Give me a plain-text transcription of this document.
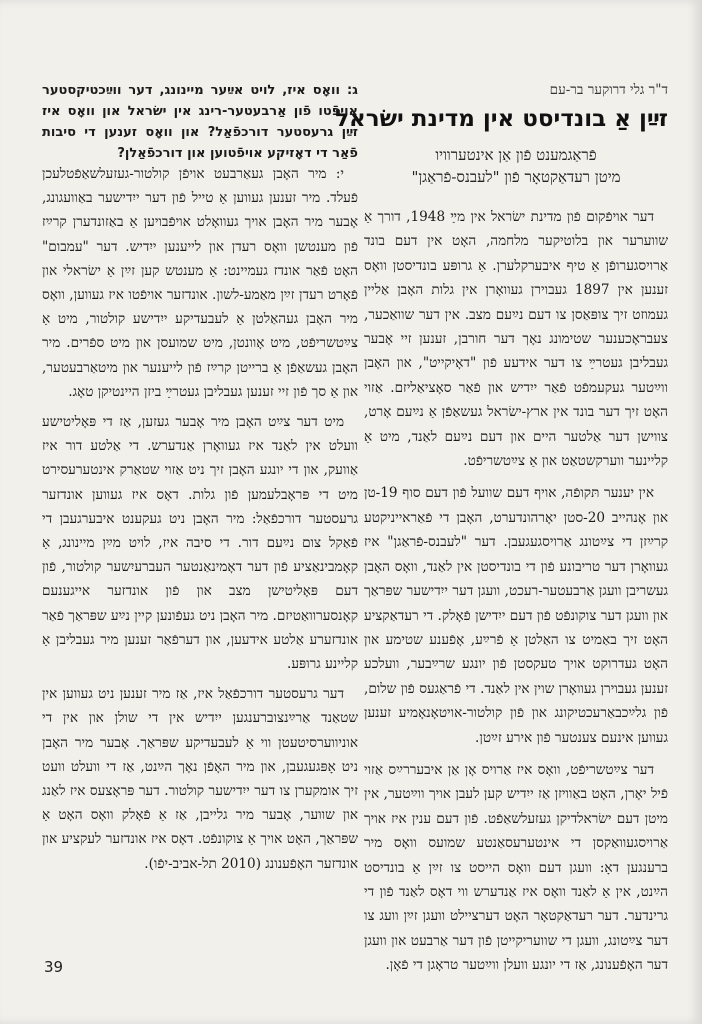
ד"ר גלי דרוקער בר-עם
זײַן אַ בונדיסט אין מדינת ישׂראל
פֿראַגמענט פֿון אַן אינטערוויו
מיטן רעדאַקטאָר פֿון "לעבנס-פֿראַגן"

דער אויפֿקום פֿון מדינת ישׂראל אין מײַ 1948, דורך אַ שווערער און בלוטיקער מלחמה, האָט אין דעם בונד אַרויסגערופֿן אַ טיף איבערקלערן. אַ גרופּע בונדיסטן וואָס זענען אין 1897 געבוירן געוואָרן אין גלות האָבן אַליין געמוזט זיך צופּאַסן צו דעם נײַעם מצב. אין דער שוואַכער, צעבראָכענער שטימונג נאָך דער חורבן, זענען זיי אָבער געבליבן געטרײַ צו דער אידעע פֿון "דאָיקייט", און האָבן ווײַטער געקעמפֿט פֿאַר ייִדיש און פֿאַר סאָציאַליזם. אַזוי האָט זיך דער בונד אין ארץ-ישׂראל געשאַפֿן אַ נײַעם אָרט, צווישן דער אַלטער היים און דעם נײַעם לאַנד, מיט אַ קליינער ווערקשטאַט און אַ צײַטשריפֿט.

אין יענער תּקופֿה, אויף דעם שוועל פֿון דעם סוף 19-טן און אָנהייב 20-סטן יאָרהונדערט, האָבן די פֿאַראייניקטע קרײַזן די צײַטונג אַרויסגעגעבן. דער "לעבנס-פֿראַגן" איז געוואָרן דער טריבונע פֿון די בונדיסטן אין לאַנד, וואָס האָבן געשריבן וועגן אַרבעטער-רעכט, וועגן דער ייִדישער שפּראַך און וועגן דער צוקונפֿט פֿון דעם ייִדישן פֿאָלק. די רעדאַקציע האָט זיך באַמיט צו האַלטן אַ פֿרײַע, אָפֿענע שטימע און האָט געדרוקט אויך טעקסטן פֿון יונגע שרײַבער, וועלכע זענען געבוירן געוואָרן שוין אין לאַנד. די פֿראַגעס פֿון שלום, פֿון גלײַכבאַרעכטיקונג און פֿון קולטור-אויטאָנאָמיע זענען געווען אינעם צענטער פֿון אירע זײַטן.

דער צײַטשריפֿט, וואָס איז אַרויס אָן אַן איבעררײַס אַזוי פֿיל יאָרן, האָט באַוויזן אַז ייִדיש קען לעבן אויך ווײַטער, אין מיטן דעם ישׂראלדיקן געזעלשאַפֿט. פֿון דעם ענין איז אויך אַרויסגעוואַקסן די אינטערעסאַנטע שמועס וואָס מיר ברענגען דאָ: וועגן דעם וואָס הייסט צו זײַן אַ בונדיסט הײַנט, אין אַ לאַנד וואָס איז אַנדערש ווי דאָס לאַנד פֿון די גרינדער. דער רעדאַקטאָר האָט דערציילט וועגן זײַן וועג צו דער צײַטונג, וועגן די שוועריקייטן פֿון דער אַרבעט און וועגן דער האָפֿענונג, אַז די יונגע וועלן ווײַטער טראָגן די פֿאָן.

ג: וואָס איז, לויט אײַער מיינונג, דער ווײַכטיקסטער אויפֿטו פֿון אַרבעטער-רינג אין ישׂראל און וואָס איז זײַן גרעסטער דורכפֿאַל? און וואָס זענען די סיבות פֿאַר די דאָזיקע אויפֿטוען און דורכפֿאַלן?

י: מיר האָבן געאַרבעט אויפֿן קולטור-געזעלשאַפֿטלעכן פֿעלד. מיר זענען געווען אַ טייל פֿון דער ייִדישער באַוועגונג, אָבער מיר האָבן אויך געוואָלט אויפֿבויען אַ באַזונדערן קרײַז פֿון מענטשן וואָס רעדן און לייענען ייִדיש. דער "עמבום" האָט פֿאַר אונדז געמיינט: אַ מענטש קען זײַן אַ ישׂראלי און פֿאָרט רעדן זײַן מאַמע-לשון. אונדזער אויפֿטו איז געווען, וואָס מיר האָבן געהאַלטן אַ לעבעדיקע ייִדישע קולטור, מיט אַ צײַטשריפֿט, מיט אָוונטן, מיט שמועסן און מיט ספֿרים. מיר האָבן געשאַפֿן אַ ברייטן קרײַז פֿון לייענער און מיטאַרבעטער, און אַ סך פֿון זיי זענען געבליבן געטרײַ ביזן היינטיקן טאָג.

מיט דער צײַט האָבן מיר אָבער געזען, אַז די פּאָליטישע וועלט אין לאַנד איז געוואָרן אַנדערש. די אַלטע דור איז אַוועק, און די יונגע האָבן זיך ניט אַזוי שטאַרק אינטערעסירט מיט די פּראָבלעמען פֿון גלות. דאָס איז געווען אונדזער גרעסטער דורכפֿאַל: מיר האָבן ניט געקענט איבערגעבן די פֿאַקל צום נײַעם דור. די סיבה איז, לויט מײַן מיינונג, אַ קאָמבינאַציע פֿון דער דאָמינאַנטער העברעיִשער קולטור, פֿון דעם פּאָליטישן מצב און פֿון אונדזער אייגענעם קאָנסערוואַטיזם. מיר האָבן ניט געפֿונען קיין נײַע שפּראַך פֿאַר אונדזערע אַלטע אידעען, און דערפֿאַר זענען מיר געבליבן אַ קליינע גרופּע.

דער גרעסטער דורכפֿאַל איז, אַז מיר זענען ניט געווען אין שטאַנד אַרײַנצוברענגען ייִדיש אין די שולן און אין די אוניווערסיטעטן ווי אַ לעבעדיקע שפּראַך. אָבער מיר האָבן ניט אָפּגעגעבן, און מיר האָפֿן נאָך הײַנט, אַז די וועלט וועט זיך אומקערן צו דער ייִדישער קולטור. דער פּראָצעס איז לאַנג און שווער, אָבער מיר גלייבן, אַז אַ פֿאָלק וואָס האָט אַ שפּראַך, האָט אויך אַ צוקונפֿט. דאָס איז אונדזער לעקציע און אונדזער האָפֿענונג (2010 תל-אביב-יפֿו).

39
